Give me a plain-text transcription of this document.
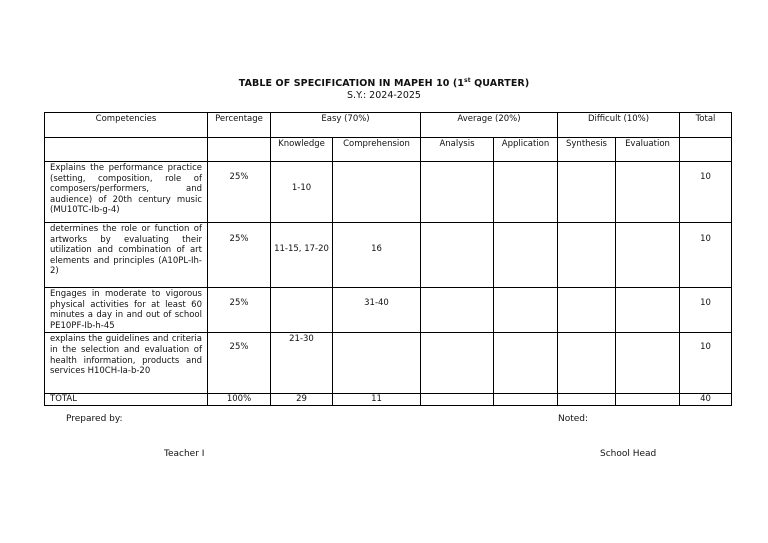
TABLE OF SPECIFICATION IN MAPEH 10 (1st QUARTER)
S.Y.: 2024-2025
Competencies	Percentage	Easy (70%)		Average (20%)		Difficult (10%)		Total
		Knowledge	Comprehension	Analysis	Application	Synthesis	Evaluation	
Explains the performance practice (setting, composition, role of composers/performers, and audience) of 20th century music (MU10TC-Ib-g-4)	25%	1-10						10
determines the role or function of artworks by evaluating their utilization and combination of art elements and principles (A10PL-Ih-2)	25%	11-15, 17-20	16					10
Engages in moderate to vigorous physical activities for at least 60 minutes a day in and out of school PE10PF-Ib-h-45	25%		31-40					10
explains the guidelines and criteria in the selection and evaluation of health information, products and services H10CH-Ia-b-20	25%	21-30						10
TOTAL	100%	29	11					40
Prepared by:	Noted:
Teacher I	School Head
